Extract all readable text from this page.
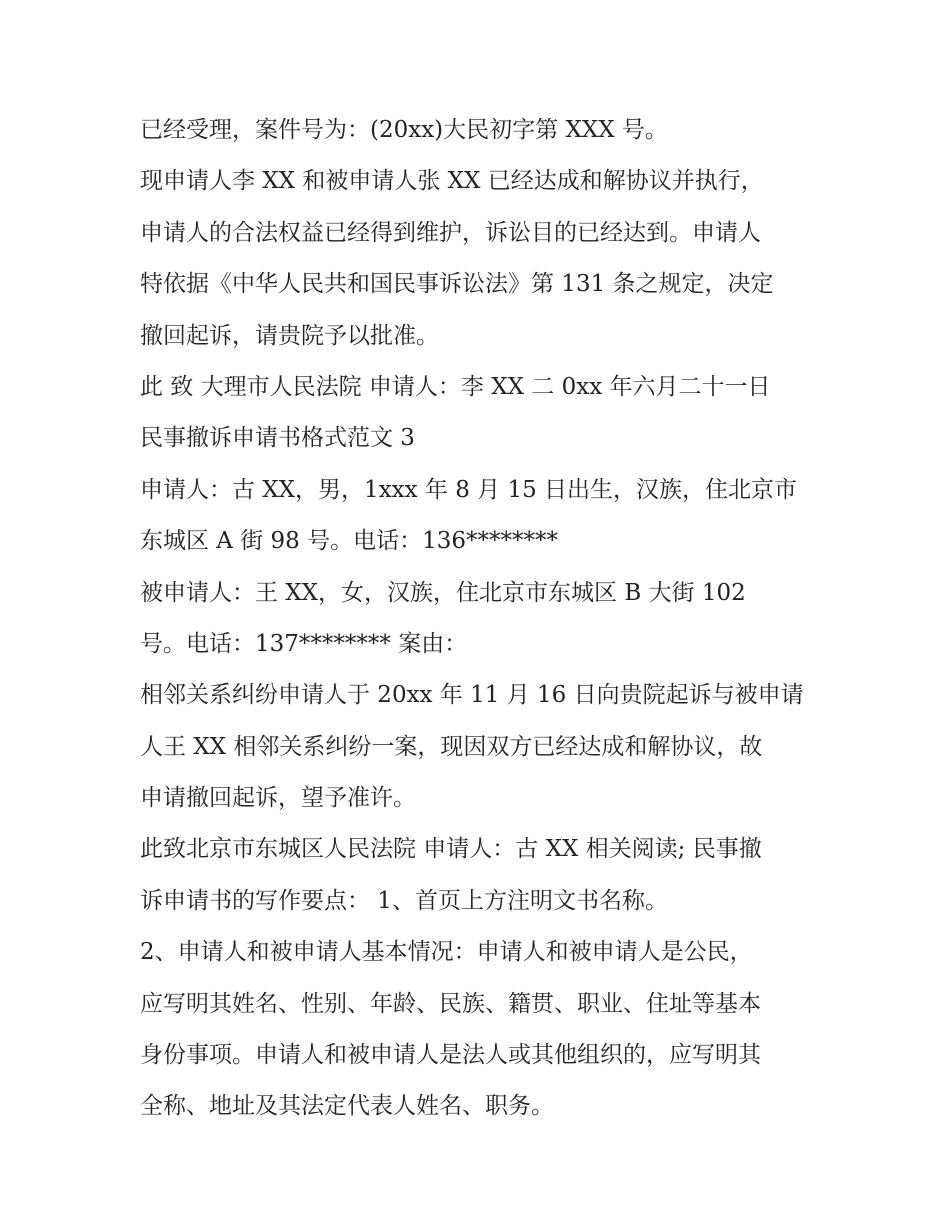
已经受理，案件号为：(20xx)大民初字第 XXX 号。
现申请人李 XX 和被申请人张 XX 已经达成和解协议并执行，
申请人的合法权益已经得到维护，诉讼目的已经达到。申请人
特依据《中华人民共和国民事诉讼法》第 131 条之规定，决定
撤回起诉，请贵院予以批准。
此 致 大理市人民法院 申请人：李 XX 二 0xx 年六月二十一日
民事撤诉申请书格式范文 3
申请人：古 XX，男，1xxx 年 8 月 15 日出生，汉族，住北京市
东城区 A 街 98 号。电话：136********
被申请人：王 XX，女，汉族，住北京市东城区 B 大街 102
号。电话：137******** 案由：
相邻关系纠纷申请人于 20xx 年 11 月 16 日向贵院起诉与被申请
人王 XX 相邻关系纠纷一案，现因双方已经达成和解协议，故
申请撤回起诉，望予准许。
此致北京市东城区人民法院 申请人：古 XX 相关阅读; 民事撤
诉申请书的写作要点： 1、首页上方注明文书名称。
2、申请人和被申请人基本情况：申请人和被申请人是公民，
应写明其姓名、性别、年龄、民族、籍贯、职业、住址等基本
身份事项。申请人和被申请人是法人或其他组织的，应写明其
全称、地址及其法定代表人姓名、职务。
